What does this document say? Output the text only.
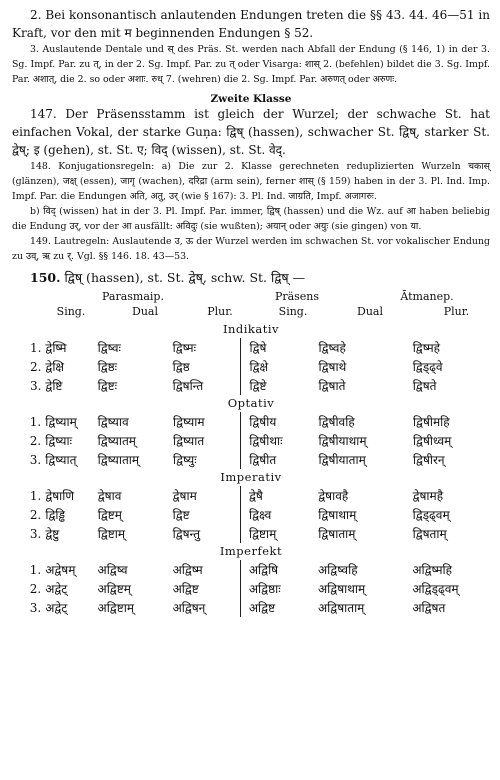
2. Bei konsonantisch anlautenden Endungen treten die §§ 43. 44. 46—51 in Kraft, vor den mit म beginnenden Endungen § 52.

3. Auslautende Dentale und स् des Präs. St. werden nach Abfall der Endung (§ 146, 1) in der 3. Sg. Impf. Par. zu त्, in der 2. Sg. Impf. Par. zu त् oder Visarga: शास् 2. (befehlen) bildet die 3. Sg. Impf. Par. अशात्, die 2. so oder अशाः. रुध् 7. (wehren) die 2. Sg. Impf. Par. अरुणत् oder अरुणः.

Zweite Klasse

147. Der Präsensstamm ist gleich der Wurzel; der schwache St. hat einfachen Vokal, der starke Guṇa: द्विष् (hassen), schwacher St. द्विष्, starker St. द्वेष्; इ (gehen), st. St. ए; विद् (wissen), st. St. वेद्.

148. Konjugationsregeln: a) Die zur 2. Klasse gerechneten reduplizierten Wurzeln चकास् (glänzen), जक्ष् (essen), जागृ (wachen), दरिद्रा (arm sein), ferner शास् (§ 159) haben in der 3. Pl. Ind. Imp. Impf. Par. die Endungen अति, अतु, उर् (wie § 167): 3. Pl. Ind. जाग्रति, Impf. अजागरुः.

b) विद् (wissen) hat in der 3. Pl. Impf. Par. immer, द्विष् (hassen) und die Wz. auf आ haben beliebig die Endung उर्, vor der आ ausfällt: अविदुः (sie wußten); अयान् oder अयुः (sie gingen) von या.

149. Lautregeln: Auslautende उ, ऊ der Wurzel werden im schwachen St. vor vokalischer Endung zu उव्, ऋ zu र्. Vgl. §§ 146. 18. 43—53.

150. द्विष् (hassen), st. St. द्वेष्, schw. St. द्विष् —
Parasmaip.	Präsens	Ātmanep.
Sing.	Dual	Plur.	Sing.	Dual	Plur.
Indikativ
1.	द्वेष्मि	द्विष्वः	द्विष्मः	द्विषे	द्विष्वहे	द्विष्महे
2.	द्वेक्षि	द्विष्ठः	द्विष्ठ	द्विक्षे	द्विषाथे	द्विड्ढ्वे
3.	द्वेष्टि	द्विष्टः	द्विषन्ति	द्विष्टे	द्विषाते	द्विषते
Optativ
1.	द्विष्याम्	द्विष्याव	द्विष्याम	द्विषीय	द्विषीवहि	द्विषीमहि
2.	द्विष्याः	द्विष्यातम्	द्विष्यात	द्विषीथाः	द्विषीयाथाम्	द्विषीध्वम्
3.	द्विष्यात्	द्विष्याताम्	द्विष्युः	द्विषीत	द्विषीयाताम्	द्विषीरन्
Imperativ
1.	द्वेषाणि	द्वेषाव	द्वेषाम	द्वेषै	द्वेषावहै	द्वेषामहै
2.	द्विड्ढि	द्विष्टम्	द्विष्ट	द्विक्ष्व	द्विषाथाम्	द्विड्ढ्वम्
3.	द्वेष्टु	द्विष्टाम्	द्विषन्तु	द्विष्टाम्	द्विषाताम्	द्विषताम्
Imperfekt
1.	अद्वेषम्	अद्विष्व	अद्विष्म	अद्विषि	अद्विष्वहि	अद्विष्महि
2.	अद्वेट्	अद्विष्टम्	अद्विष्ट	अद्विष्ठाः	अद्विषाथाम्	अद्विड्ढ्वम्
3.	अद्वेट्	अद्विष्टाम्	अद्विषन्	अद्विष्ट	अद्विषाताम्	अद्विषत
